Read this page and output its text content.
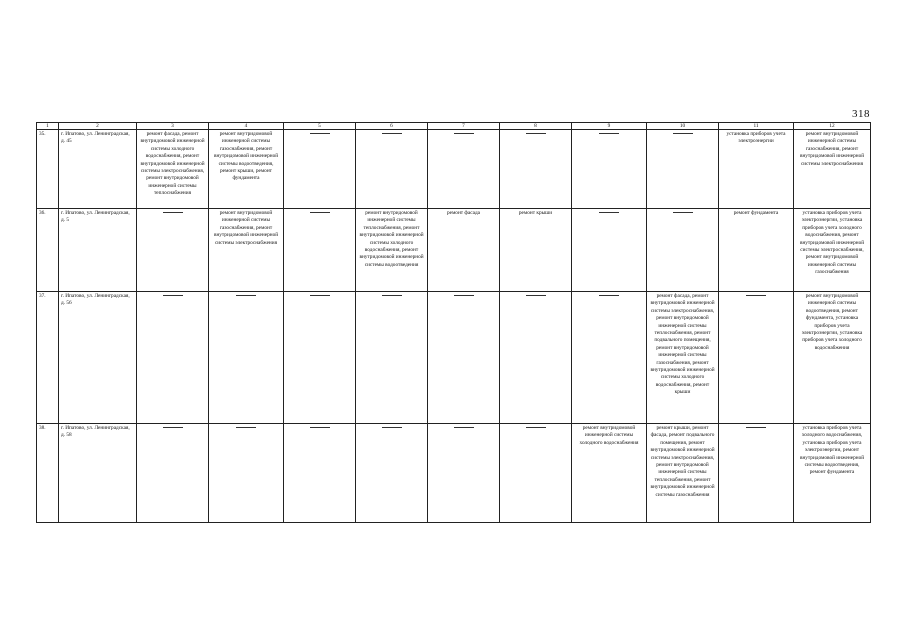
318
1	2	3	4	5	6	7	8	9	10	11	12
35.	г. Ипатово, ул. Ленинградская, д. 45	ремонт фасада, ремонт внутридомовой инженерной системы холодного водоснабжения, ремонт внутридомовой инженерной системы электроснабжения, ремонт внутридомовой инженерной системы теплоснабжения	ремонт внутридомовой инженерной системы газоснабжения, ремонт внутридомовой инженерной системы водоотведения, ремонт крыши, ремонт фундамента							установка приборов учета электроэнергии	ремонт внутридомовой инженерной системы газоснабжения, ремонт внутридомовой инженерной системы электроснабжения
36.	г. Ипатово, ул. Ленинградская, д. 5		ремонт внутридомовой инженерной системы газоснабжения, ремонт внутридомовой инженерной системы электроснабжения		ремонт внутридомовой инженерной системы теплоснабжения, ремонт внутридомовой инженерной системы холодного водоснабжения, ремонт внутридомовой инженерной системы водоотведения	ремонт фасада	ремонт крыши			ремонт фундамента	установка приборов учета электроэнергии, установка приборов учета холодного водоснабжения, ремонт внутридомовой инженерной системы электроснабжения, ремонт внутридомовой инженерной системы газоснабжения
37.	г. Ипатово, ул. Ленинградская, д. 56								ремонт фасада, ремонт внутридомовой инженерной системы электроснабжения, ремонт внутридомовой инженерной системы теплоснабжения, ремонт подвального помещения, ремонт внутридомовой инженерной системы газоснабжения, ремонт внутридомовой инженерной системы холодного водоснабжения, ремонт крыши		ремонт внутридомовой инженерной системы водоотведения, ремонт фундамента, установка приборов учета электроэнергии, установка приборов учета холодного водоснабжения
38.	г. Ипатово, ул. Ленинградская, д. 58							ремонт внутридомовой инженерной системы холодного водоснабжения	ремонт крыши, ремонт фасада, ремонт подвального помещения, ремонт внутридомовой инженерной системы электроснабжения, ремонт внутридомовой инженерной системы теплоснабжения, ремонт внутридомовой инженерной системы газоснабжения		установка приборов учета холодного водоснабжения, установка приборов учета электроэнергии, ремонт внутридомовой инженерной системы водоотведения, ремонт фундамента
